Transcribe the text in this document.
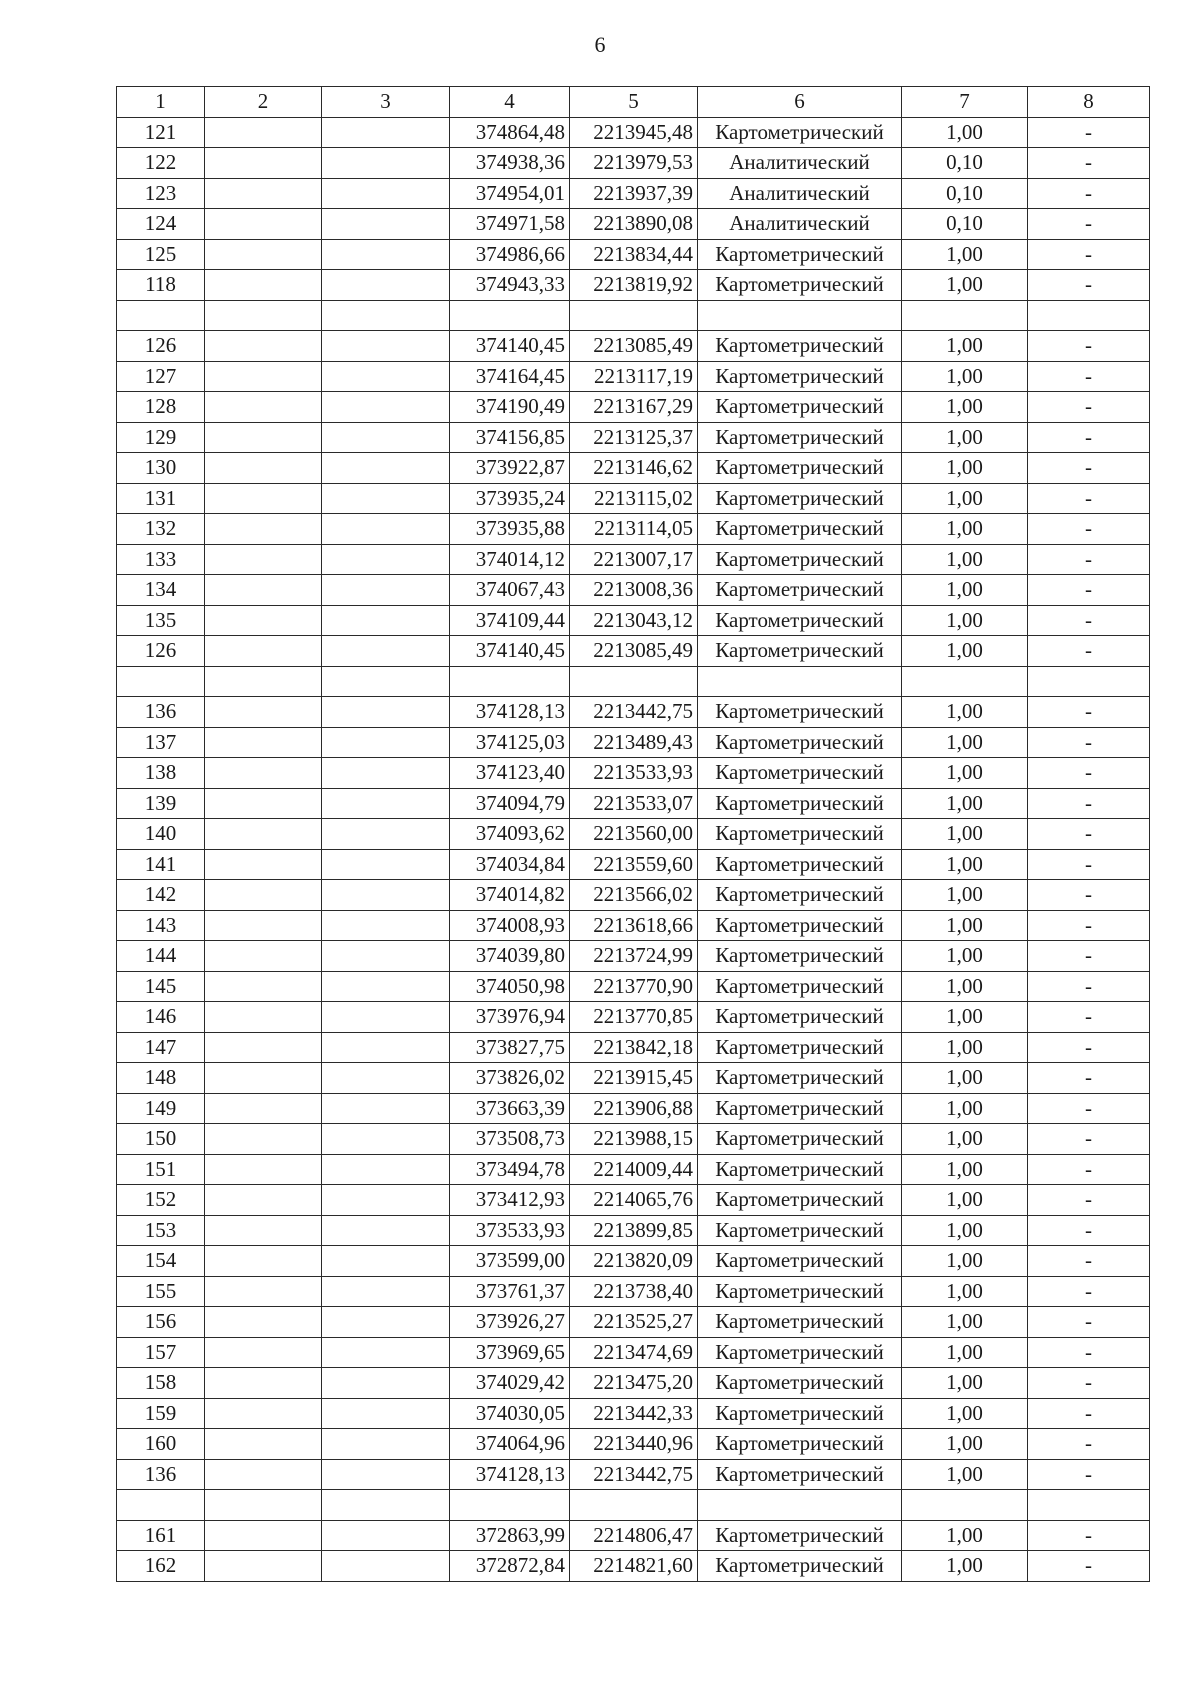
6
1	2	3	4	5	6	7	8
121			374864,48	2213945,48	Картометрический	1,00	-
122			374938,36	2213979,53	Аналитический	0,10	-
123			374954,01	2213937,39	Аналитический	0,10	-
124			374971,58	2213890,08	Аналитический	0,10	-
125			374986,66	2213834,44	Картометрический	1,00	-
118			374943,33	2213819,92	Картометрический	1,00	-

126			374140,45	2213085,49	Картометрический	1,00	-
127			374164,45	2213117,19	Картометрический	1,00	-
128			374190,49	2213167,29	Картометрический	1,00	-
129			374156,85	2213125,37	Картометрический	1,00	-
130			373922,87	2213146,62	Картометрический	1,00	-
131			373935,24	2213115,02	Картометрический	1,00	-
132			373935,88	2213114,05	Картометрический	1,00	-
133			374014,12	2213007,17	Картометрический	1,00	-
134			374067,43	2213008,36	Картометрический	1,00	-
135			374109,44	2213043,12	Картометрический	1,00	-
126			374140,45	2213085,49	Картометрический	1,00	-

136			374128,13	2213442,75	Картометрический	1,00	-
137			374125,03	2213489,43	Картометрический	1,00	-
138			374123,40	2213533,93	Картометрический	1,00	-
139			374094,79	2213533,07	Картометрический	1,00	-
140			374093,62	2213560,00	Картометрический	1,00	-
141			374034,84	2213559,60	Картометрический	1,00	-
142			374014,82	2213566,02	Картометрический	1,00	-
143			374008,93	2213618,66	Картометрический	1,00	-
144			374039,80	2213724,99	Картометрический	1,00	-
145			374050,98	2213770,90	Картометрический	1,00	-
146			373976,94	2213770,85	Картометрический	1,00	-
147			373827,75	2213842,18	Картометрический	1,00	-
148			373826,02	2213915,45	Картометрический	1,00	-
149			373663,39	2213906,88	Картометрический	1,00	-
150			373508,73	2213988,15	Картометрический	1,00	-
151			373494,78	2214009,44	Картометрический	1,00	-
152			373412,93	2214065,76	Картометрический	1,00	-
153			373533,93	2213899,85	Картометрический	1,00	-
154			373599,00	2213820,09	Картометрический	1,00	-
155			373761,37	2213738,40	Картометрический	1,00	-
156			373926,27	2213525,27	Картометрический	1,00	-
157			373969,65	2213474,69	Картометрический	1,00	-
158			374029,42	2213475,20	Картометрический	1,00	-
159			374030,05	2213442,33	Картометрический	1,00	-
160			374064,96	2213440,96	Картометрический	1,00	-
136			374128,13	2213442,75	Картометрический	1,00	-

161			372863,99	2214806,47	Картометрический	1,00	-
162			372872,84	2214821,60	Картометрический	1,00	-
